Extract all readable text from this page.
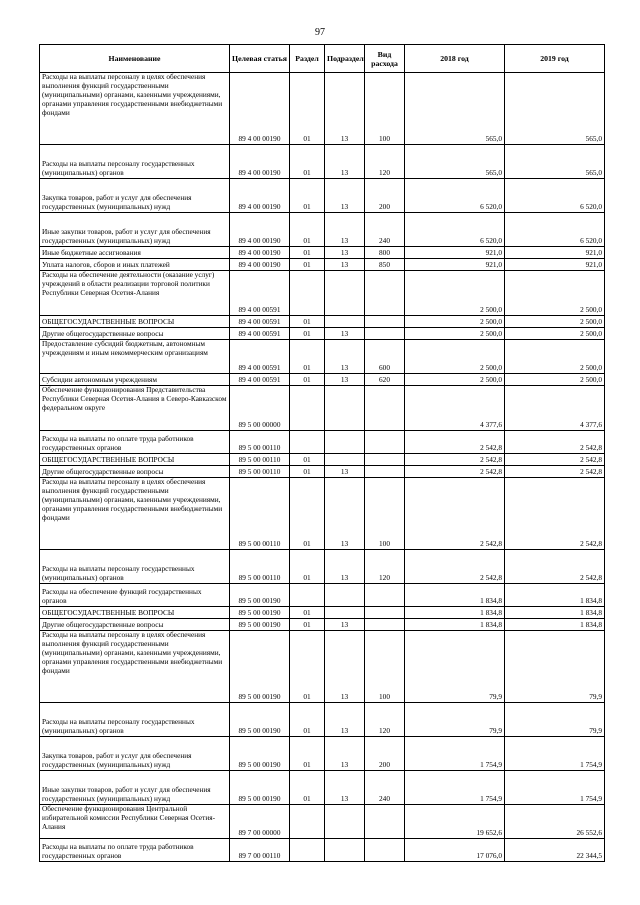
97
Наименование	Целевая статья	Раздел	Подраздел	Вид расхода	2018 год	2019 год
Расходы на выплаты персоналу в целях обеспечения выполнения функций государственными (муниципальными) органами, казенными учреждениями, органами управления государственными внебюджетными фондами	89 4 00 00190	01	13	100	565,0	565,0
Расходы на выплаты персоналу государственных (муниципальных) органов	89 4 00 00190	01	13	120	565,0	565,0
Закупка товаров, работ и услуг для обеспечения государственных (муниципальных) нужд	89 4 00 00190	01	13	200	6 520,0	6 520,0
Иные закупки товаров, работ и услуг для обеспечения государственных (муниципальных) нужд	89 4 00 00190	01	13	240	6 520,0	6 520,0
Иные бюджетные ассигнования	89 4 00 00190	01	13	800	921,0	921,0
Уплата налогов, сборов и иных платежей	89 4 00 00190	01	13	850	921,0	921,0
Расходы на обеспечение деятельности (оказание услуг) учреждений в области реализации торговой политики Республики Северная Осетия-Алания	89 4 00 00591				2 500,0	2 500,0
ОБЩЕГОСУДАРСТВЕННЫЕ ВОПРОСЫ	89 4 00 00591	01			2 500,0	2 500,0
Другие общегосударственные вопросы	89 4 00 00591	01	13		2 500,0	2 500,0
Предоставление субсидий бюджетным, автономным учреждениям и иным некоммерческим организациям	89 4 00 00591	01	13	600	2 500,0	2 500,0
Субсидии автономным учреждениям	89 4 00 00591	01	13	620	2 500,0	2 500,0
Обеспечение функционирования Представительства Республики Северная Осетия-Алания в Северо-Кавказском федеральном округе	89 5 00 00000				4 377,6	4 377,6
Расходы на выплаты по оплате труда работников государственных органов	89 5 00 00110				2 542,8	2 542,8
ОБЩЕГОСУДАРСТВЕННЫЕ ВОПРОСЫ	89 5 00 00110	01			2 542,8	2 542,8
Другие общегосударственные вопросы	89 5 00 00110	01	13		2 542,8	2 542,8
Расходы на выплаты персоналу в целях обеспечения выполнения функций государственными (муниципальными) органами, казенными учреждениями, органами управления государственными внебюджетными фондами	89 5 00 00110	01	13	100	2 542,8	2 542,8
Расходы на выплаты персоналу государственных (муниципальных) органов	89 5 00 00110	01	13	120	2 542,8	2 542,8
Расходы на обеспечение функций государственных органов	89 5 00 00190				1 834,8	1 834,8
ОБЩЕГОСУДАРСТВЕННЫЕ ВОПРОСЫ	89 5 00 00190	01			1 834,8	1 834,8
Другие общегосударственные вопросы	89 5 00 00190	01	13		1 834,8	1 834,8
Расходы на выплаты персоналу в целях обеспечения выполнения функций государственными (муниципальными) органами, казенными учреждениями, органами управления государственными внебюджетными фондами	89 5 00 00190	01	13	100	79,9	79,9
Расходы на выплаты персоналу государственных (муниципальных) органов	89 5 00 00190	01	13	120	79,9	79,9
Закупка товаров, работ и услуг для обеспечения государственных (муниципальных) нужд	89 5 00 00190	01	13	200	1 754,9	1 754,9
Иные закупки товаров, работ и услуг для обеспечения государственных (муниципальных) нужд	89 5 00 00190	01	13	240	1 754,9	1 754,9
Обеспечение функционирования Центральной избирательной комиссии Республики Северная Осетия-Алания	89 7 00 00000				19 652,6	26 552,6
Расходы на выплаты по оплате труда работников государственных органов	89 7 00 00110				17 076,0	22 344,5
